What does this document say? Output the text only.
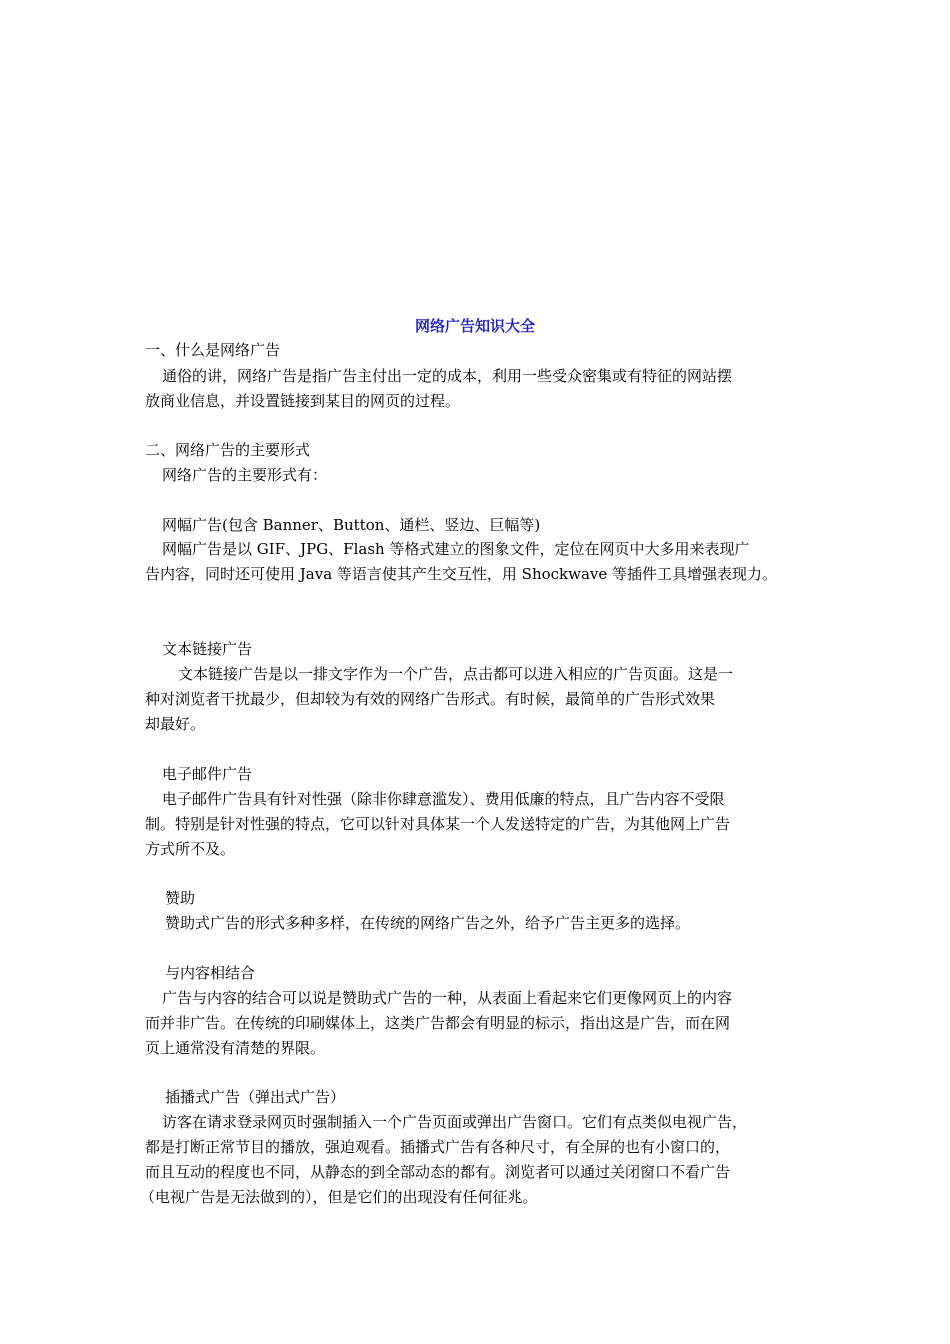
网络广告知识大全
一、什么是网络广告
通俗的讲，网络广告是指广告主付出一定的成本，利用一些受众密集或有特征的网站摆
放商业信息，并设置链接到某目的网页的过程。
二、网络广告的主要形式
网络广告的主要形式有：
网幅广告(包含 Banner、Button、通栏、竖边、巨幅等)
网幅广告是以 GIF、JPG、Flash 等格式建立的图象文件，定位在网页中大多用来表现广
告内容，同时还可使用 Java 等语言使其产生交互性，用 Shockwave 等插件工具增强表现力。
文本链接广告
文本链接广告是以一排文字作为一个广告，点击都可以进入相应的广告页面。这是一
种对浏览者干扰最少，但却较为有效的网络广告形式。有时候，最简单的广告形式效果
却最好。
电子邮件广告
电子邮件广告具有针对性强（除非你肆意滥发）、费用低廉的特点，且广告内容不受限
制。特别是针对性强的特点，它可以针对具体某一个人发送特定的广告，为其他网上广告
方式所不及。
赞助
赞助式广告的形式多种多样，在传统的网络广告之外，给予广告主更多的选择。
与内容相结合
广告与内容的结合可以说是赞助式广告的一种，从表面上看起来它们更像网页上的内容
而并非广告。在传统的印刷媒体上，这类广告都会有明显的标示，指出这是广告，而在网
页上通常没有清楚的界限。
插播式广告（弹出式广告）
访客在请求登录网页时强制插入一个广告页面或弹出广告窗口。它们有点类似电视广告，
都是打断正常节目的播放，强迫观看。插播式广告有各种尺寸，有全屏的也有小窗口的，
而且互动的程度也不同，从静态的到全部动态的都有。浏览者可以通过关闭窗口不看广告
（电视广告是无法做到的），但是它们的出现没有任何征兆。
